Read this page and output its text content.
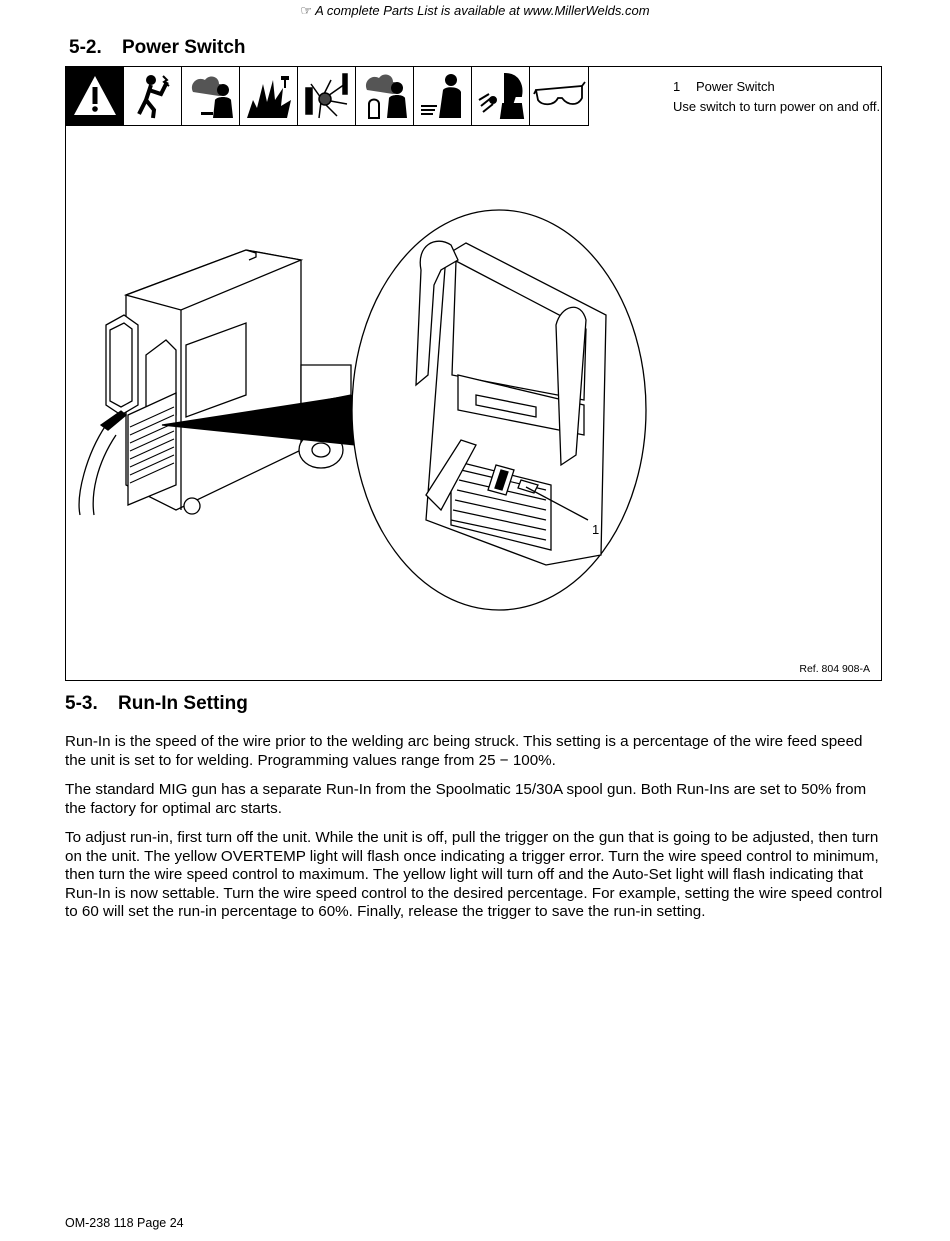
☞ A complete Parts List is available at www.MillerWelds.com
5-2. Power Switch
1 Power Switch
Use switch to turn power on and off.
1
Ref. 804 908-A
5-3. Run-In Setting

Run-In is the speed of the wire prior to the welding arc being struck. This setting is a percentage of the wire feed speed the unit is set to for welding. Programming values range from 25 − 100%.

The standard MIG gun has a separate Run-In from the Spoolmatic 15/30A spool gun. Both Run-Ins are set to 50% from the factory for optimal arc starts.

To adjust run-in, first turn off the unit. While the unit is off, pull the trigger on the gun that is going to be adjusted, then turn on the unit. The yellow OVERTEMP light will flash once indicating a trigger error. Turn the wire speed control to minimum, then turn the wire speed control to maximum. The yellow light will turn off and the Auto-Set light will flash indicating that Run-In is now settable. Turn the wire speed control to the desired percentage. For example, setting the wire speed control to 60 will set the run-in percentage to 60%. Finally, release the trigger to save the run-in setting.

OM-238 118 Page 24
